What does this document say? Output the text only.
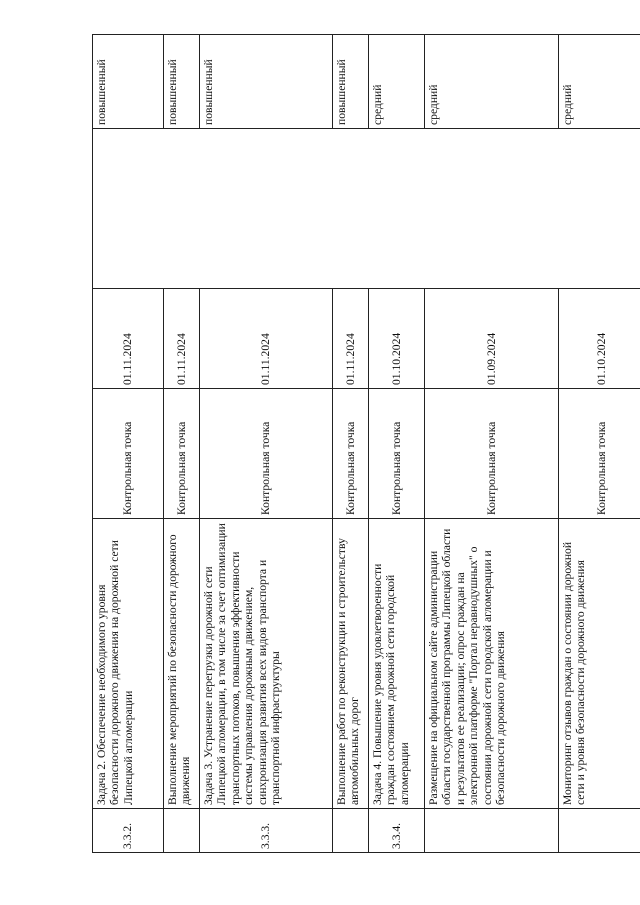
3.3.2.	Задача 2. Обеспечение необходимого уровня безопасности дорожного движения на дорожной сети Липецкой агломерации	Контрольная точка	01.11.2024		повышенный
	Выполнение мероприятий по безопасности дорожного движения	Контрольная точка	01.11.2024		повышенный
3.3.3.	Задача 3. Устранение перегрузки дорожной сети Липецкой агломерации, в том числе за счет оптимизации транспортных потоков, повышения эффективности системы управления дорожным движением, синхронизация развития всех видов транспорта и транспортной инфраструктуры	Контрольная точка	01.11.2024		повышенный
	Выполнение работ по реконструкции и строительству автомобильных дорог	Контрольная точка	01.11.2024		повышенный
3.3.4.	Задача 4. Повышение уровня удовлетворенности граждан состоянием дорожной сети городской агломерации	Контрольная точка	01.10.2024		средний
	Размещение на официальном сайте администрации области государственной программы Липецкой области и результатов ее реализации; опрос граждан на электронной платформе "Портал неравнодушных" о состоянии дорожной сети городской агломерации и безопасности дорожного движения	Контрольная точка	01.09.2024		средний
	Мониторинг отзывов граждан о состоянии дорожной сети и уровня безопасности дорожного движения	Контрольная точка	01.10.2024		средний
